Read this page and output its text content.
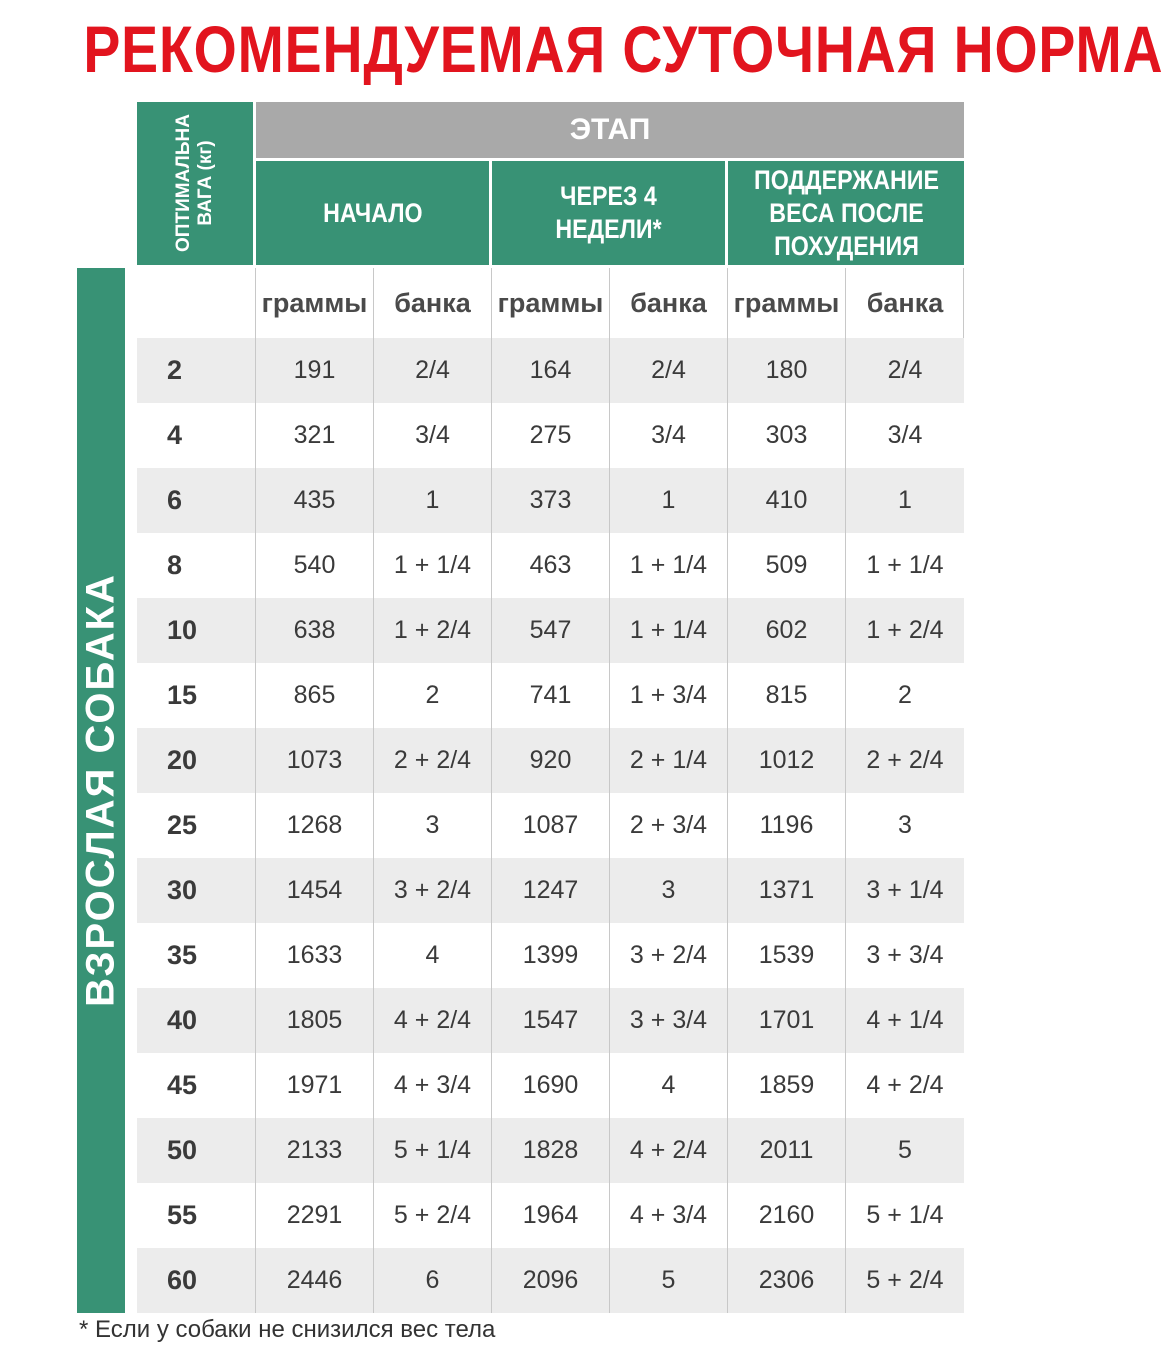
РЕКОМЕНДУЕМАЯ СУТОЧНАЯ НОРМА
ОПТИМАЛЬНА ВАГА (кг)
ЭТАП
НАЧАЛО
ЧЕРЕЗ 4 НЕДЕЛИ*
ПОДДЕРЖАНИЕ
ВЕСА ПОСЛЕ
ПОХУДЕНИЯ
ВЗРОСЛАЯ СОБАКА
граммы банка граммы банка граммы	банка
2	191	2/4	164	2/4	180	2/4
4	321	3/4	275	3/4	303	3/4
6	435	1	373	1	410	1
8	540	1 + 1/4	463	1 + 1/4	509	1 + 1/4
10	638	1 + 2/4	547	1 + 1/4	602	1 + 2/4
15	865	2	741	1 + 3/4	815	2
20	1073	2 + 2/4	920	2 + 1/4	1012	2 + 2/4
25	1268	3	1087	2 + 3/4	1196	3
30	1454	3 + 2/4	1247	3	1371	3 + 1/4
35	1633	4	1399	3 + 2/4	1539	3 + 3/4
40	1805	4 + 2/4	1547	3 + 3/4	1701	4 + 1/4
45	1971	4 + 3/4	1690	4	1859	4 + 2/4
50	2133	5 + 1/4	1828	4 + 2/4	2011	5
55	2291	5 + 2/4	1964	4 + 3/4	2160	5 + 1/4
60	2446	6	2096	5	2306	5 + 2/4
* Если у собаки не снизился вес тела
